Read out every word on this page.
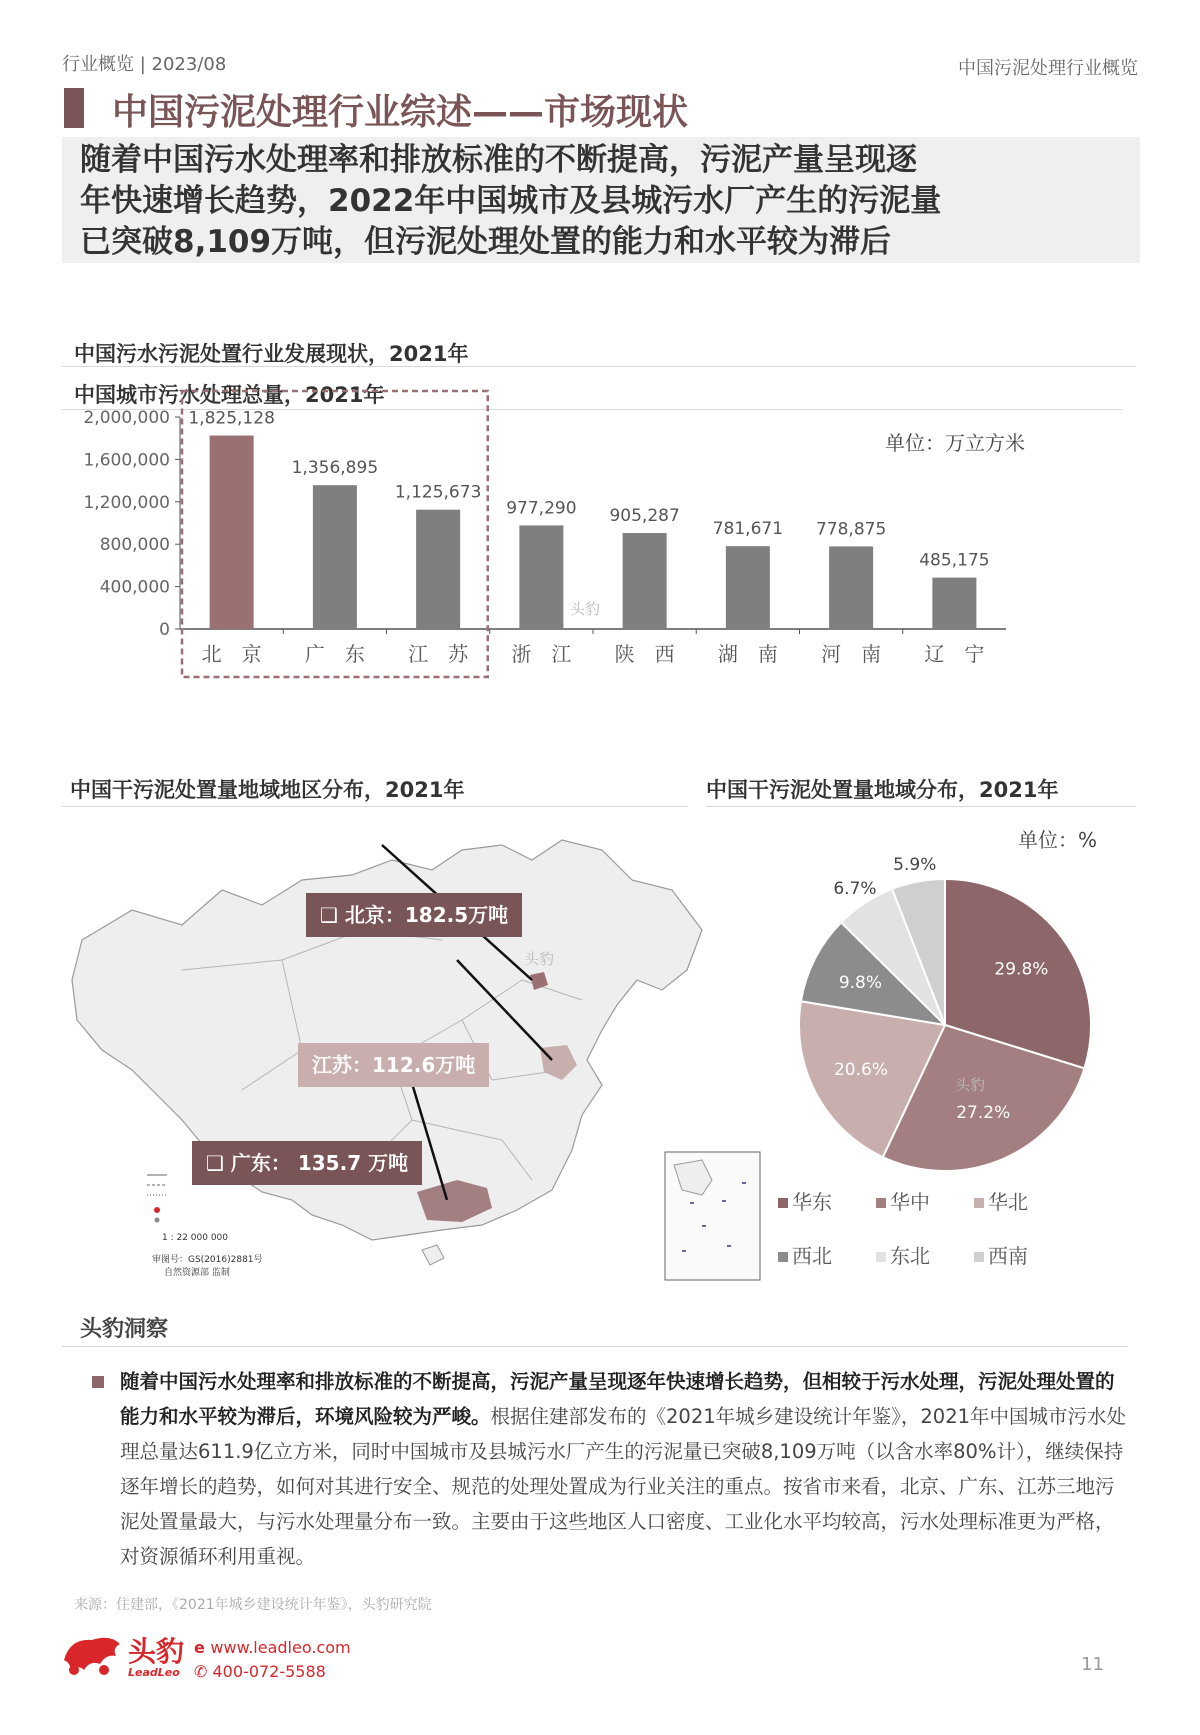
行业概览 | 2023/08	中国污泥处理行业概览
中国污泥处理行业综述——市场现状
随着中国污水处理率和排放标准的不断提高，污泥产量呈现逐
年快速增长趋势，2022年中国城市及县城污水厂产生的污泥量
已突破8,109万吨，但污泥处理处置的能力和水平较为滞后
中国污水污泥处置行业发展现状，2021年
中国城市污水处理总量，2021年
单位：万立方米
0
400,000
800,000
1,200,000
1,600,000
2,000,000 1,825,128
北　京
1,356,895
广　东
1,125,673
江　苏
977,290
浙　江
905,287
陕　西
781,671
湖　南
778,875
河　南
485,175
辽　宁
头豹
中国干污泥处置量地域地区分布，2021年
1 : 22 000 000
审图号：GS(2016)2881号
自然资源部 监制
头豹
❑ 北京：182.5万吨
江苏：112.6万吨
❑ 广东： 135.7 万吨
中国干污泥处置量地域分布，2021年
单位：%
29.8%
27.2%
20.6%
9.8%
6.7%
5.9%
头豹
华东	华中	华北
西北	东北	西南
头豹洞察
随着中国污水处理率和排放标准的不断提高，污泥产量呈现逐年快速增长趋势，但相较于污水处理，污泥处理处置的能力和水平较为滞后，环境风险较为严峻。根据住建部发布的《2021年城乡建设统计年鉴》，2021年中国城市污水处理总量达611.9亿立方米，同时中国城市及县城污水厂产生的污泥量已突破8,109万吨（以含水率80%计），继续保持逐年增长的趋势，如何对其进行安全、规范的处理处置成为行业关注的重点。按省市来看，北京、广东、江苏三地污泥处置量最大，与污水处理量分布一致。主要由于这些地区人口密度、工业化水平均较高，污水处理标准更为严格，对资源循环利用重视。
来源：住建部，《2021年城乡建设统计年鉴》，头豹研究院
头豹
LeadLeo
e www.leadleo.com
✆ 400-072-5588	11
